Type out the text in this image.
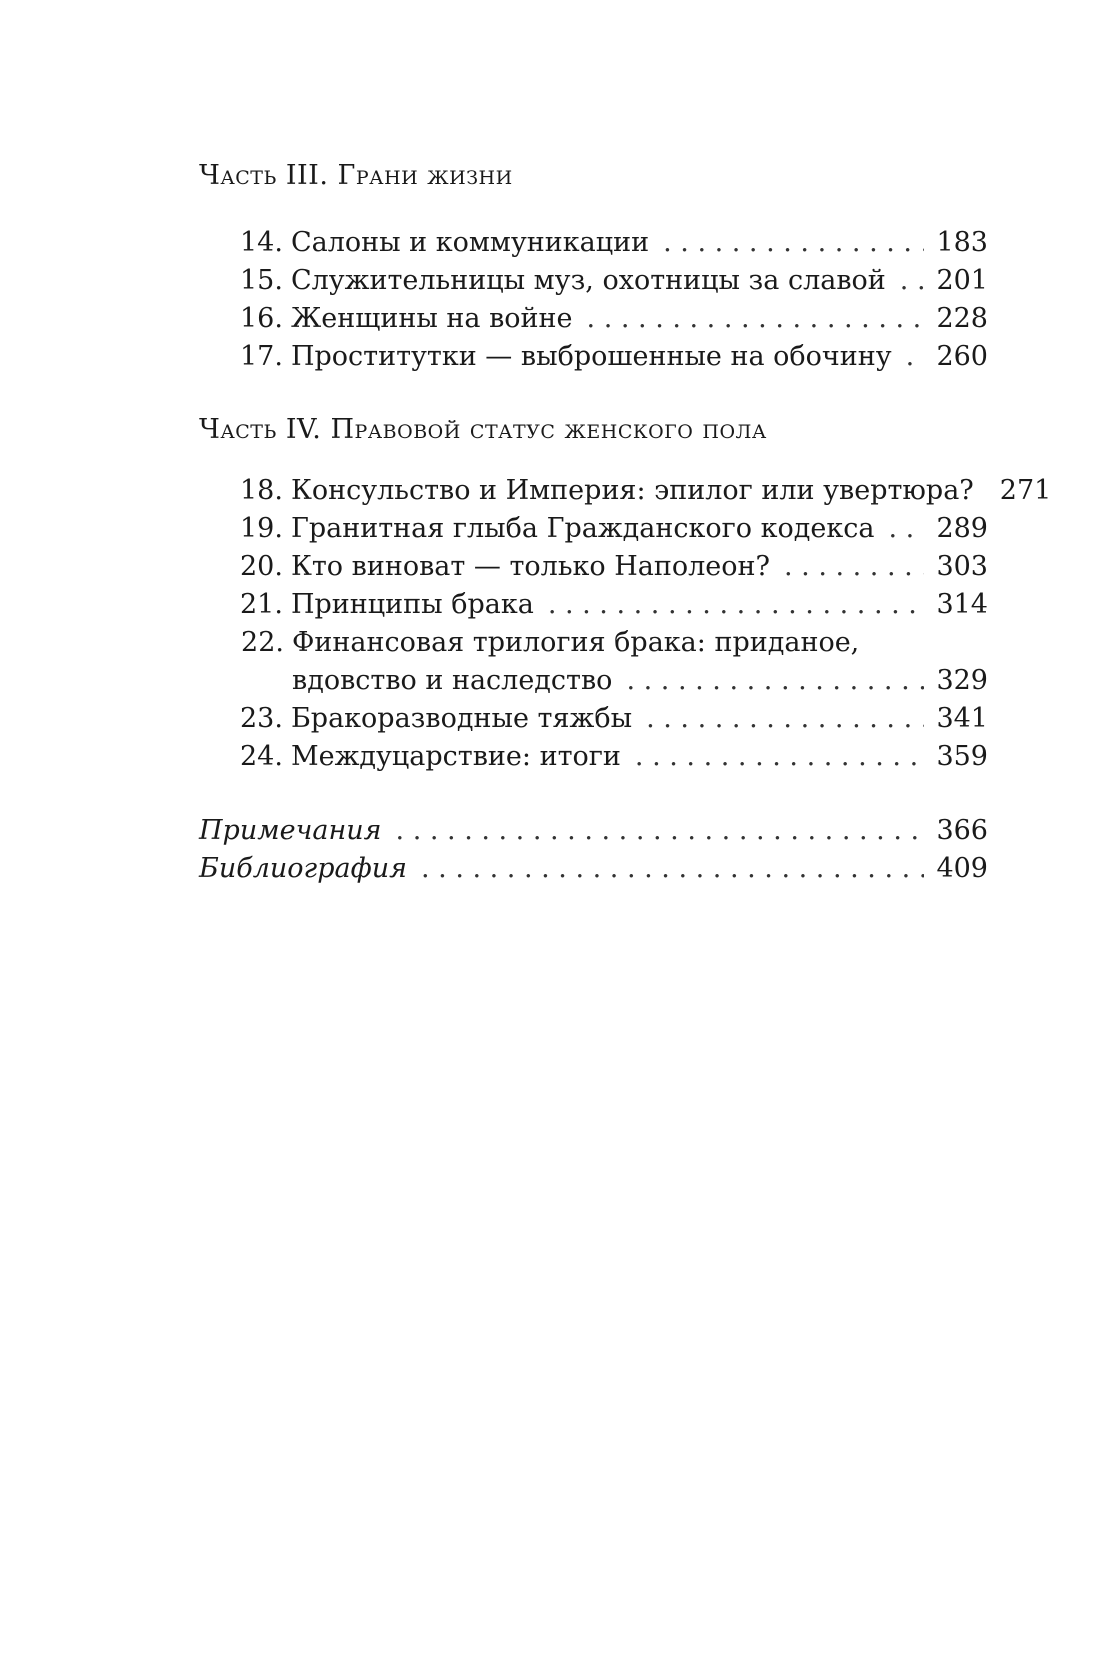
Часть III. Грани жизни
14. Салоны и коммуникации . . .	183
15. Служительницы муз, охотницы за славой . . . 201
16. Женщины на войне . . .	228
17. Проститутки — выброшенные на обочину . . . 260
Часть IV. Правовой статус женского пола
18. Консульство и Империя: эпилог или увертюра? 271
19. Гранитная глыба Гражданского кодекса . . . 289
20. Кто виноват — только Наполеон? . . .	303
21. Принципы брака . . .	314
22. Финансовая трилогия брака: приданое,
вдовство и наследство . . .	329
23. Бракоразводные тяжбы . . .	341
24. Междуцарствие: итоги . . .	359
Примечания . . .	366
Библиография . . .	409
